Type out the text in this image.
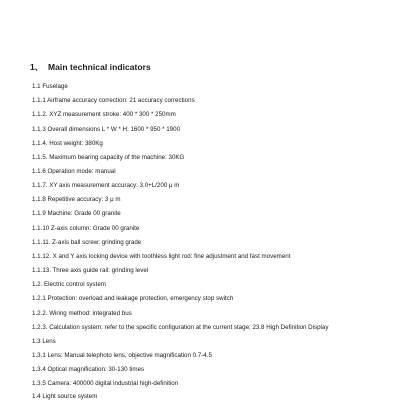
1、 Main technical indicators
1.1 Fuselage
1.1.1 Airframe accuracy correction: 21 accuracy corrections
1.1.2. XYZ measurement stroke: 400 * 300 * 250mm
1.1.3 Overall dimensions L * W * H: 1600 * 950 * 1900
1.1.4. Host weight: 380Kg
1.1.5. Maximum bearing capacity of the machine: 30KG
1.1.6 Operation mode: manual
1.1.7. XY axis measurement accuracy: 3.0+L/200 μ m
1.1.8 Repetitive accuracy: 3 μ m
1.1.9 Machine: Grade 00 granite
1.1.10 Z-axis column: Grade 00 granite
1.1.11. Z-axis ball screw: grinding grade
1.1.12. X and Y axis locking device with toothless light rod: fine adjustment and fast movement
1.1.13. Three axis guide rail: grinding level
1.2. Electric control system
1.2.1 Protection: overload and leakage protection, emergency stop switch
1.2.2. Wiring method: integrated bus
1.2.3. Calculation system: refer to the specific configuration at the current stage; 23.8 High Definition Display
1.3 Lens
1.3.1 Lens: Manual telephoto lens, objective magnification 0.7-4.5
1.3.4 Optical magnification: 30-130 times
1.3.5 Camera: 400000 digital industrial high-definition
1.4 Light source system
